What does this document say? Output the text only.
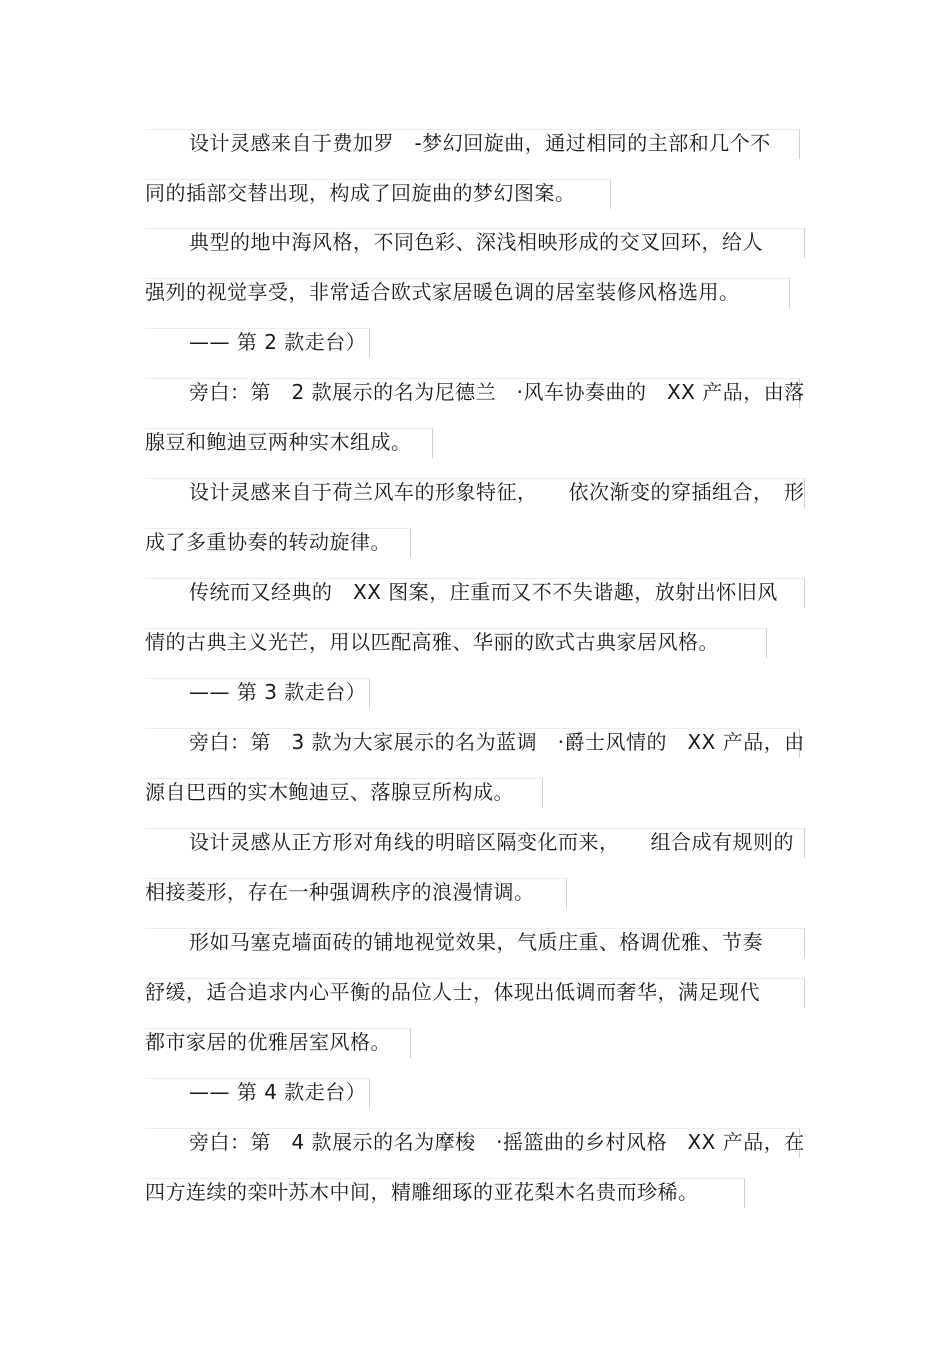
设计灵感来自于费加罗　-梦幻回旋曲，通过相同的主部和几个不
同的插部交替出现，构成了回旋曲的梦幻图案。
典型的地中海风格，不同色彩、深浅相映形成的交叉回环，给人
强列的视觉享受，非常适合欧式家居暖色调的居室装修风格选用。
—— 第 2 款走台）
旁白：第　2 款展示的名为尼德兰　·风车协奏曲的　XX 产品，由落
腺豆和鲍迪豆两种实木组成。
设计灵感来自于荷兰风车的形象特征，　　依次渐变的穿插组合，　形
成了多重协奏的转动旋律。
传统而又经典的　XX 图案，庄重而又不不失谐趣，放射出怀旧风
情的古典主义光芒，用以匹配高雅、华丽的欧式古典家居风格。
—— 第 3 款走台）
旁白：第　3 款为大家展示的名为蓝调　·爵士风情的　XX 产品，由
源自巴西的实木鲍迪豆、落腺豆所构成。
设计灵感从正方形对角线的明暗区隔变化而来，　　组合成有规则的
相接菱形，存在一种强调秩序的浪漫情调。
形如马塞克墙面砖的铺地视觉效果，气质庄重、格调优雅、节奏
舒缓，适合追求内心平衡的品位人士，体现出低调而奢华，满足现代
都市家居的优雅居室风格。
—— 第 4 款走台）
旁白：第　4 款展示的名为摩梭　·摇篮曲的乡村风格　XX 产品，在
四方连续的栾叶苏木中间，精雕细琢的亚花梨木名贵而珍稀。
